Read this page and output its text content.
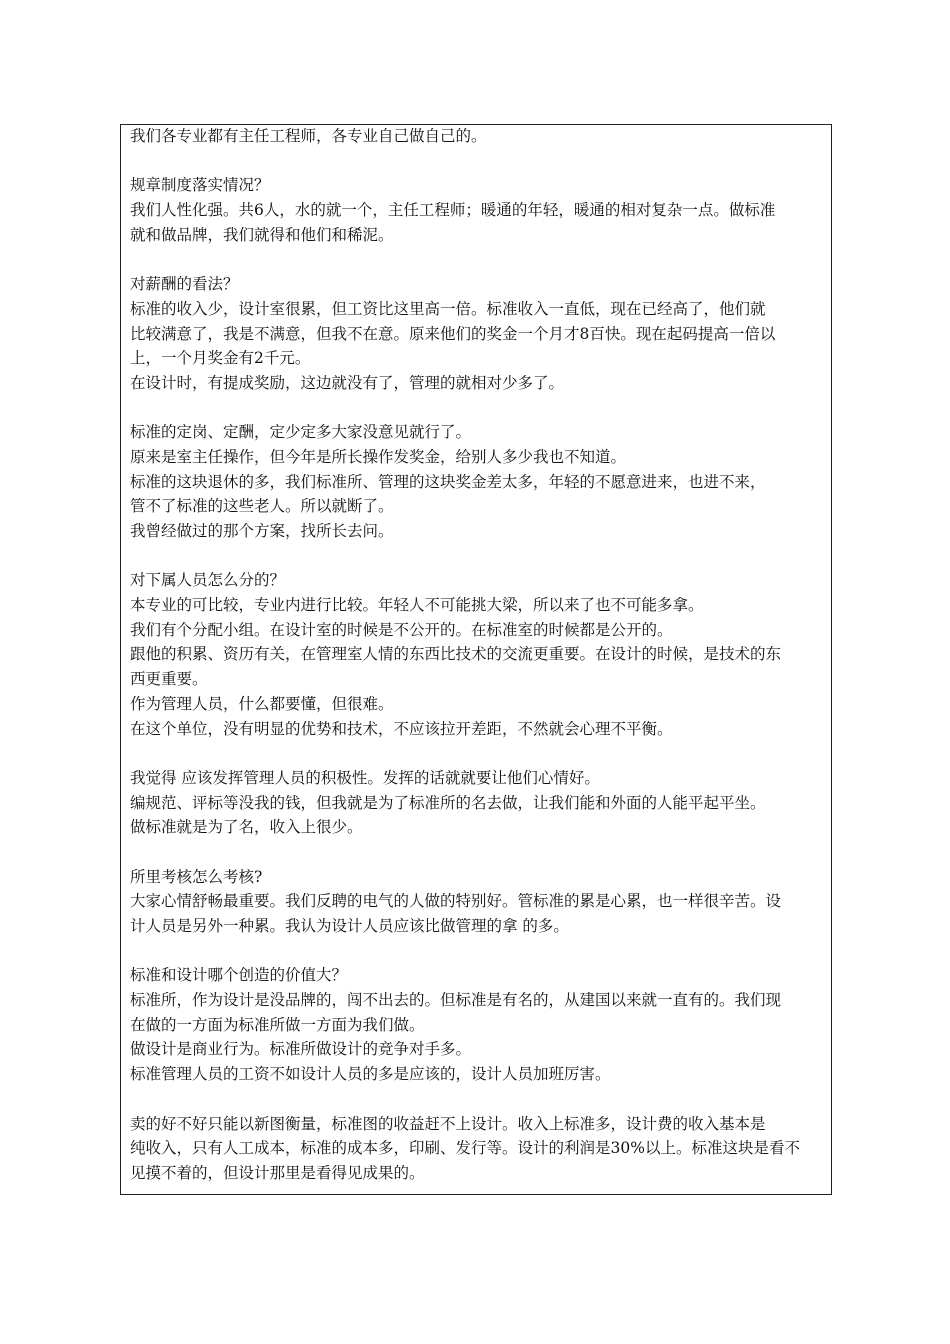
我们各专业都有主任工程师，各专业自己做自己的。
规章制度落实情况？
我们人性化强。共6人，水的就一个，主任工程师；暖通的年轻，暖通的相对复杂一点。做标准
就和做品牌，我们就得和他们和稀泥。
对薪酬的看法？
标准的收入少，设计室很累，但工资比这里高一倍。标准收入一直低，现在已经高了，他们就
比较满意了，我是不满意，但我不在意。原来他们的奖金一个月才8百快。现在起码提高一倍以
上，一个月奖金有2千元。
在设计时，有提成奖励，这边就没有了，管理的就相对少多了。
标准的定岗、定酬，定少定多大家没意见就行了。
原来是室主任操作，但今年是所长操作发奖金，给别人多少我也不知道。
标准的这块退休的多，我们标准所、管理的这块奖金差太多，年轻的不愿意进来，也进不来，
管不了标准的这些老人。所以就断了。
我曾经做过的那个方案，找所长去问。
对下属人员怎么分的？
本专业的可比较，专业内进行比较。年轻人不可能挑大梁，所以来了也不可能多拿。
我们有个分配小组。在设计室的时候是不公开的。在标准室的时候都是公开的。
跟他的积累、资历有关，在管理室人情的东西比技术的交流更重要。在设计的时候，是技术的东
西更重要。
作为管理人员，什么都要懂，但很难。
在这个单位，没有明显的优势和技术，不应该拉开差距，不然就会心理不平衡。
我觉得 应该发挥管理人员的积极性。发挥的话就就要让他们心情好。
编规范、评标等没我的钱，但我就是为了标准所的名去做，让我们能和外面的人能平起平坐。
做标准就是为了名，收入上很少。
所里考核怎么考核?
大家心情舒畅最重要。我们反聘的电气的人做的特别好。管标准的累是心累，也一样很辛苦。设
计人员是另外一种累。我认为设计人员应该比做管理的拿 的多。
标准和设计哪个创造的价值大？
标准所，作为设计是没品牌的，闯不出去的。但标准是有名的，从建国以来就一直有的。我们现
在做的一方面为标准所做一方面为我们做。
做设计是商业行为。标准所做设计的竞争对手多。
标准管理人员的工资不如设计人员的多是应该的，设计人员加班厉害。
卖的好不好只能以新图衡量，标准图的收益赶不上设计。收入上标准多，设计费的收入基本是
纯收入，只有人工成本，标准的成本多，印刷、发行等。设计的利润是30%以上。标准这块是看不
见摸不着的，但设计那里是看得见成果的。
